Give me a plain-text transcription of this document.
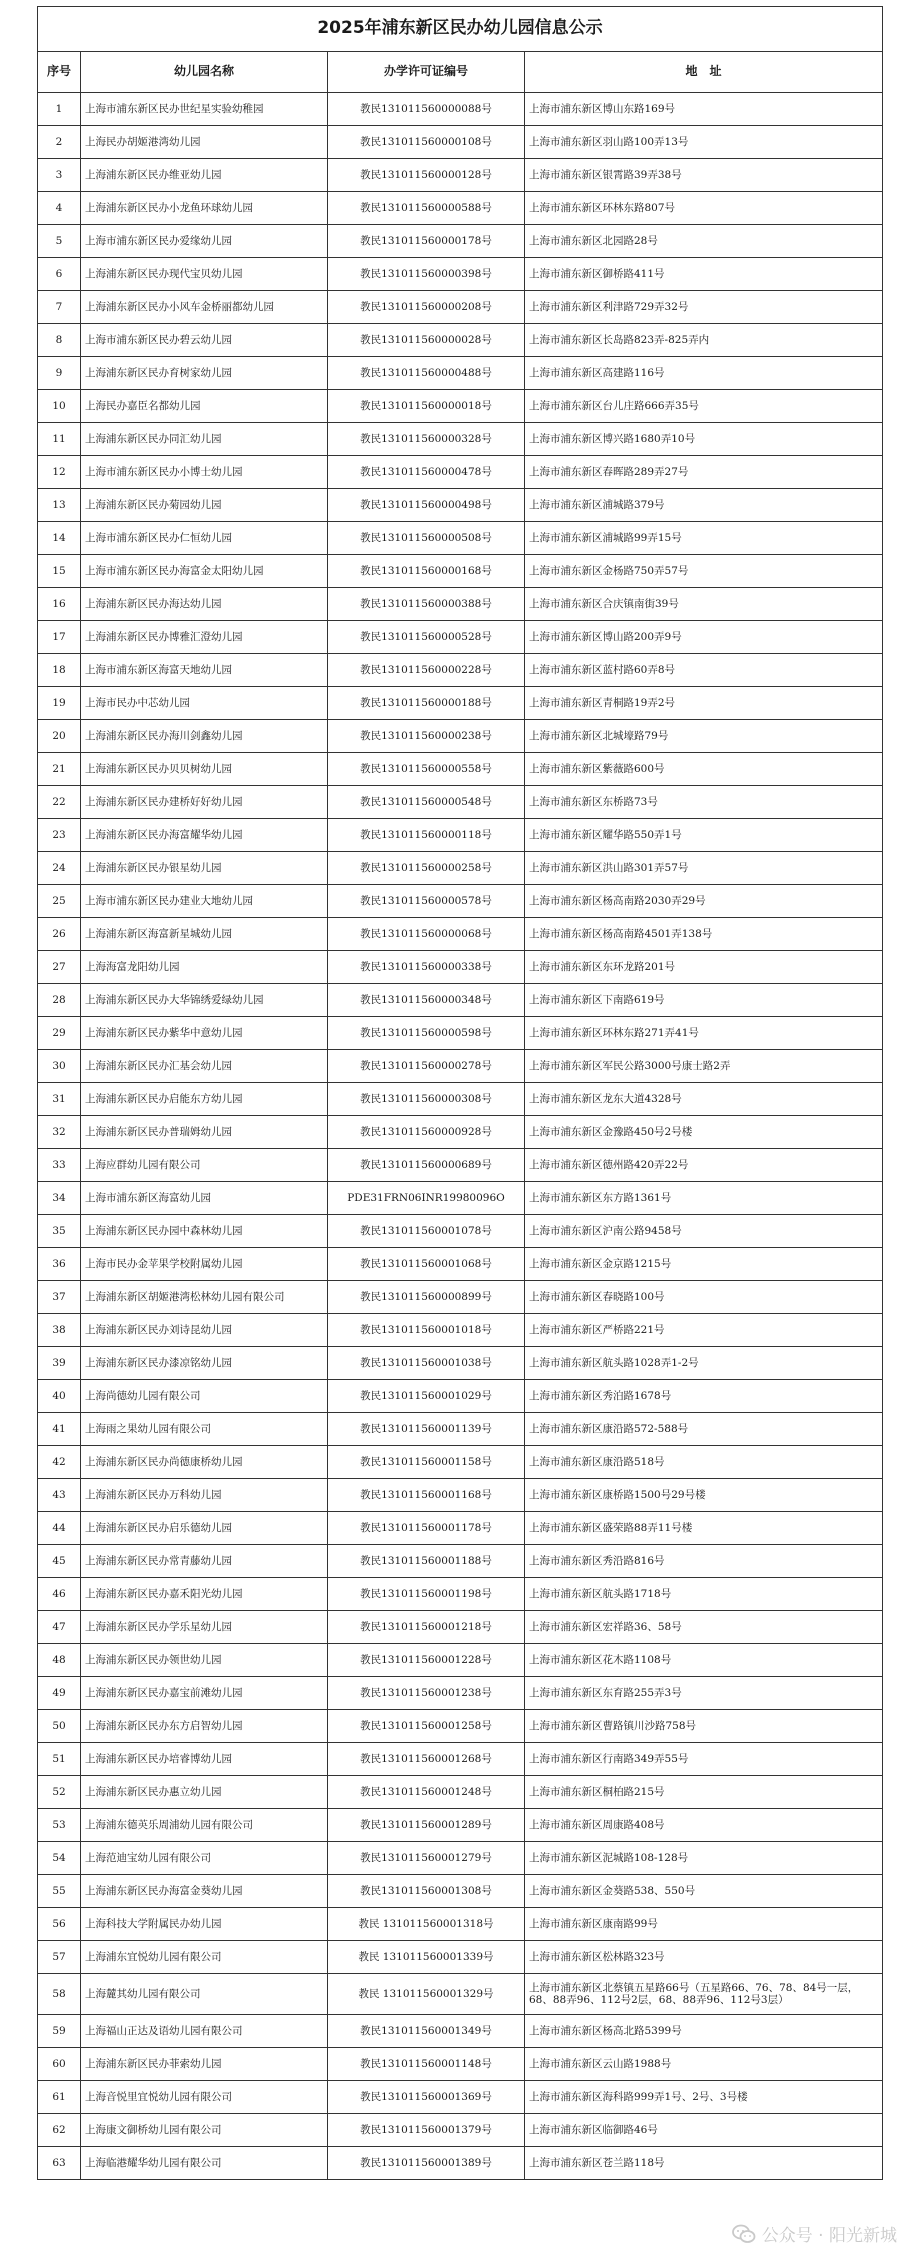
2025年浦东新区民办幼儿园信息公示			
序号	幼儿园名称	办学许可证编号	地　址
1	上海市浦东新区民办世纪星实验幼稚园	教民131011560000088号	上海市浦东新区博山东路169号
2	上海民办胡姬港湾幼儿园	教民131011560000108号	上海市浦东新区羽山路100弄13号
3	上海浦东新区民办维亚幼儿园	教民131011560000128号	上海市浦东新区银霄路39弄38号
4	上海浦东新区民办小龙鱼环球幼儿园	教民131011560000588号	上海市浦东新区环林东路807号
5	上海市浦东新区民办爱缘幼儿园	教民131011560000178号	上海市浦东新区北园路28号
6	上海浦东新区民办现代宝贝幼儿园	教民131011560000398号	上海市浦东新区御桥路411号
7	上海浦东新区民办小风车金桥丽都幼儿园	教民131011560000208号	上海市浦东新区利津路729弄32号
8	上海市浦东新区民办碧云幼儿园	教民131011560000028号	上海市浦东新区长岛路823弄-825弄内
9	上海浦东新区民办育树家幼儿园	教民131011560000488号	上海市浦东新区高建路116号
10	上海民办嘉臣名都幼儿园	教民131011560000018号	上海市浦东新区台儿庄路666弄35号
11	上海浦东新区民办同汇幼儿园	教民131011560000328号	上海市浦东新区博兴路1680弄10号
12	上海市浦东新区民办小博士幼儿园	教民131011560000478号	上海市浦东新区春晖路289弄27号
13	上海浦东新区民办菊园幼儿园	教民131011560000498号	上海市浦东新区浦城路379号
14	上海市浦东新区民办仁恒幼儿园	教民131011560000508号	上海市浦东新区浦城路99弄15号
15	上海市浦东新区民办海富金太阳幼儿园	教民131011560000168号	上海市浦东新区金杨路750弄57号
16	上海浦东新区民办海达幼儿园	教民131011560000388号	上海市浦东新区合庆镇南街39号
17	上海浦东新区民办博雅汇澄幼儿园	教民131011560000528号	上海市浦东新区博山路200弄9号
18	上海市浦东新区海富天地幼儿园	教民131011560000228号	上海市浦东新区蓝村路60弄8号
19	上海市民办中芯幼儿园	教民131011560000188号	上海市浦东新区青桐路19弄2号
20	上海浦东新区民办海川剑鑫幼儿园	教民131011560000238号	上海市浦东新区北城壕路79号
21	上海浦东新区民办贝贝树幼儿园	教民131011560000558号	上海市浦东新区紫薇路600号
22	上海浦东新区民办建桥好好幼儿园	教民131011560000548号	上海市浦东新区东桥路73号
23	上海浦东新区民办海富耀华幼儿园	教民131011560000118号	上海市浦东新区耀华路550弄1号
24	上海浦东新区民办银星幼儿园	教民131011560000258号	上海市浦东新区洪山路301弄57号
25	上海市浦东新区民办建业大地幼儿园	教民131011560000578号	上海市浦东新区杨高南路2030弄29号
26	上海浦东新区海富新星城幼儿园	教民131011560000068号	上海市浦东新区杨高南路4501弄138号
27	上海海富龙阳幼儿园	教民131011560000338号	上海市浦东新区东环龙路201号
28	上海浦东新区民办大华锦绣爱绿幼儿园	教民131011560000348号	上海市浦东新区下南路619号
29	上海浦东新区民办紫华中意幼儿园	教民131011560000598号	上海市浦东新区环林东路271弄41号
30	上海浦东新区民办汇基会幼儿园	教民131011560000278号	上海市浦东新区军民公路3000号康士路2弄
31	上海浦东新区民办启能东方幼儿园	教民131011560000308号	上海市浦东新区龙东大道4328号
32	上海浦东新区民办普瑞姆幼儿园	教民131011560000928号	上海市浦东新区金豫路450号2号楼
33	上海应群幼儿园有限公司	教民131011560000689号	上海市浦东新区德州路420弄22号
34	上海市浦东新区海富幼儿园	PDE31FRN06INR19980096O	上海市浦东新区东方路1361号
35	上海浦东新区民办园中森林幼儿园	教民131011560001078号	上海市浦东新区沪南公路9458号
36	上海市民办金苹果学校附属幼儿园	教民131011560001068号	上海市浦东新区金京路1215号
37	上海浦东新区胡姬港湾松林幼儿园有限公司	教民131011560000899号	上海市浦东新区春晓路100号
38	上海浦东新区民办刘诗昆幼儿园	教民131011560001018号	上海市浦东新区严桥路221号
39	上海浦东新区民办漆凉铭幼儿园	教民131011560001038号	上海市浦东新区航头路1028弄1-2号
40	上海尚德幼儿园有限公司	教民131011560001029号	上海市浦东新区秀泊路1678号
41	上海雨之果幼儿园有限公司	教民131011560001139号	上海市浦东新区康沿路572-588号
42	上海浦东新区民办尚德康桥幼儿园	教民131011560001158号	上海市浦东新区康沿路518号
43	上海浦东新区民办万科幼儿园	教民131011560001168号	上海市浦东新区康桥路1500号29号楼
44	上海浦东新区民办启乐德幼儿园	教民131011560001178号	上海市浦东新区盛荣路88弄11号楼
45	上海浦东新区民办常青藤幼儿园	教民131011560001188号	上海市浦东新区秀沿路816号
46	上海浦东新区民办嘉禾阳光幼儿园	教民131011560001198号	上海市浦东新区航头路1718号
47	上海浦东新区民办学乐星幼儿园	教民131011560001218号	上海市浦东新区宏祥路36、58号
48	上海浦东新区民办领世幼儿园	教民131011560001228号	上海市浦东新区花木路1108号
49	上海浦东新区民办嘉宝前滩幼儿园	教民131011560001238号	上海市浦东新区东育路255弄3号
50	上海浦东新区民办东方启智幼儿园	教民131011560001258号	上海市浦东新区曹路镇川沙路758号
51	上海浦东新区民办培睿博幼儿园	教民131011560001268号	上海市浦东新区行南路349弄55号
52	上海浦东新区民办惠立幼儿园	教民131011560001248号	上海市浦东新区桐柏路215号
53	上海浦东德英乐周浦幼儿园有限公司	教民131011560001289号	上海市浦东新区周康路408号
54	上海范迪宝幼儿园有限公司	教民131011560001279号	上海市浦东新区泥城路108-128号
55	上海浦东新区民办海富金葵幼儿园	教民131011560001308号	上海市浦东新区金葵路538、550号
56	上海科技大学附属民办幼儿园	教民 131011560001318号	上海市浦东新区康南路99号
57	上海浦东宜悦幼儿园有限公司	教民 131011560001339号	上海市浦东新区松林路323号
58	上海麓其幼儿园有限公司	教民 131011560001329号	上海市浦东新区北蔡镇五星路66号（五星路66、76、78、84号一层，68、88弄96、112号2层，68、88弄96、112号3层）
59	上海福山正达及语幼儿园有限公司	教民131011560001349号	上海市浦东新区杨高北路5399号
60	上海浦东新区民办菲索幼儿园	教民131011560001148号	上海市浦东新区云山路1988号
61	上海音悦里宜悦幼儿园有限公司	教民131011560001369号	上海市浦东新区海科路999弄1号、2号、3号楼
62	上海康文御桥幼儿园有限公司	教民131011560001379号	上海市浦东新区临御路46号
63	上海临港耀华幼儿园有限公司	教民131011560001389号	上海市浦东新区苍兰路118号
公众号 · 阳光新城
